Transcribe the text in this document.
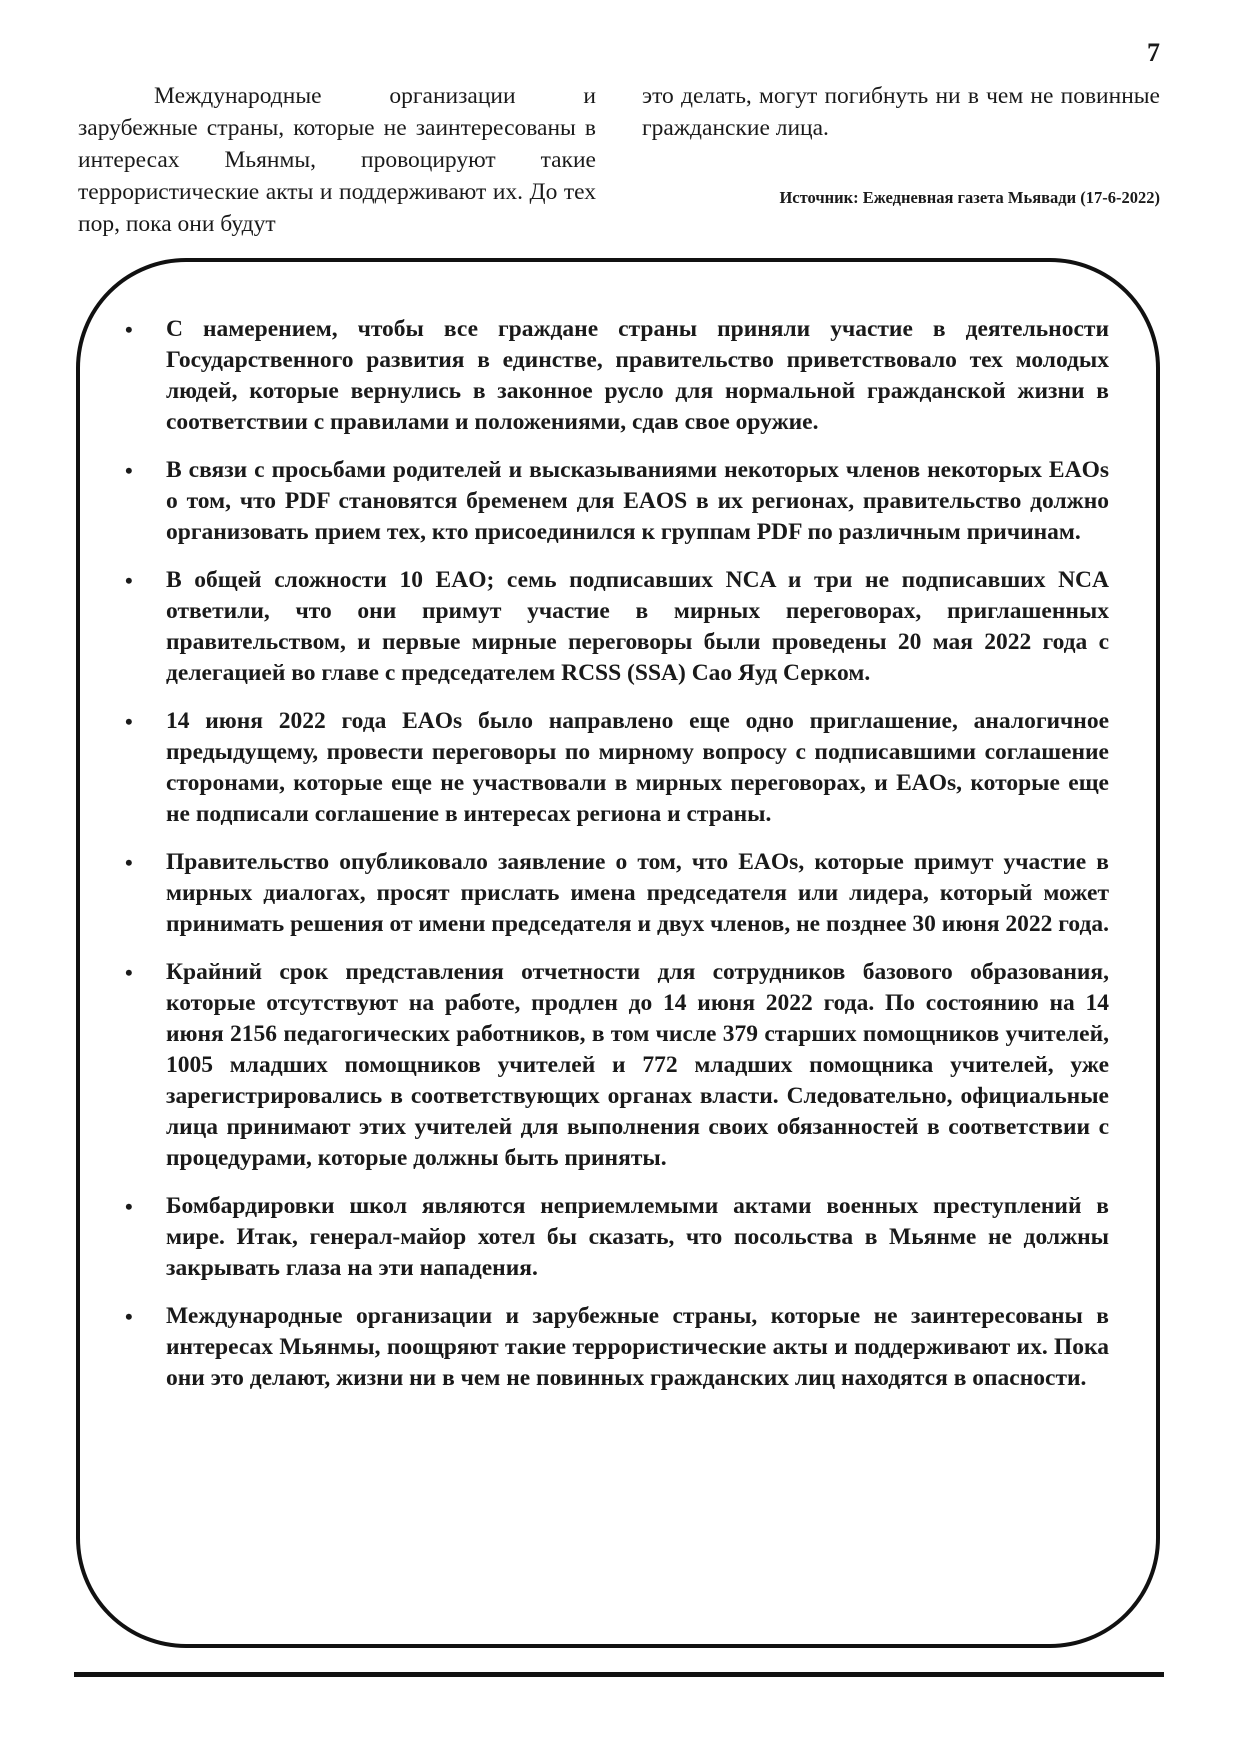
7

Международные организации и зарубежные страны, которые не заинтересованы в интересах Мьянмы, провоцируют такие террористические акты и поддерживают их. До тех пор, пока они будут

это делать, могут погибнуть ни в чем не повинные гражданские лица.

Источник: Ежедневная газета Мьявади (17-6-2022)
• С намерением, чтобы все граждане страны приняли участие в деятельности Государственного развития в единстве, правительство приветствовало тех молодых людей, которые вернулись в законное русло для нормальной гражданской жизни в соответствии с правилами и положениями, сдав свое оружие.
• В связи с просьбами родителей и высказываниями некоторых членов некоторых EAOs о том, что PDF становятся бременем для EAOS в их регионах, правительство должно организовать прием тех, кто присоединился к группам PDF по различным причинам.
• В общей сложности 10 EAO; семь подписавших NCA и три не подписавших NCA ответили, что они примут участие в мирных переговорах, приглашенных правительством, и первые мирные переговоры были проведены 20 мая 2022 года с делегацией во главе с председателем RCSS (SSA) Сао Яуд Серком.
• 14 июня 2022 года EAOs было направлено еще одно приглашение, аналогичное предыдущему, провести переговоры по мирному вопросу с подписавшими соглашение сторонами, которые еще не участвовали в мирных переговорах, и EAOs, которые еще не подписали соглашение в интересах региона и страны.
• Правительство опубликовало заявление о том, что EAOs, которые примут участие в мирных диалогах, просят прислать имена председателя или лидера, который может принимать решения от имени председателя и двух членов, не позднее 30 июня 2022 года.
• Крайний срок представления отчетности для сотрудников базового образования, которые отсутствуют на работе, продлен до 14 июня 2022 года. По состоянию на 14 июня 2156 педагогических работников, в том числе 379 старших помощников учителей, 1005 младших помощников учителей и 772 младших помощника учителей, уже зарегистрировались в соответствующих органах власти. Следовательно, официальные лица принимают этих учителей для выполнения своих обязанностей в соответствии с процедурами, которые должны быть приняты.
• Бомбардировки школ являются неприемлемыми актами военных преступлений в мире. Итак, генерал-майор хотел бы сказать, что посольства в Мьянме не должны закрывать глаза на эти нападения.
• Международные организации и зарубежные страны, которые не заинтересованы в интересах Мьянмы, поощряют такие террористические акты и поддерживают их. Пока они это делают, жизни ни в чем не повинных гражданских лиц находятся в опасности.
